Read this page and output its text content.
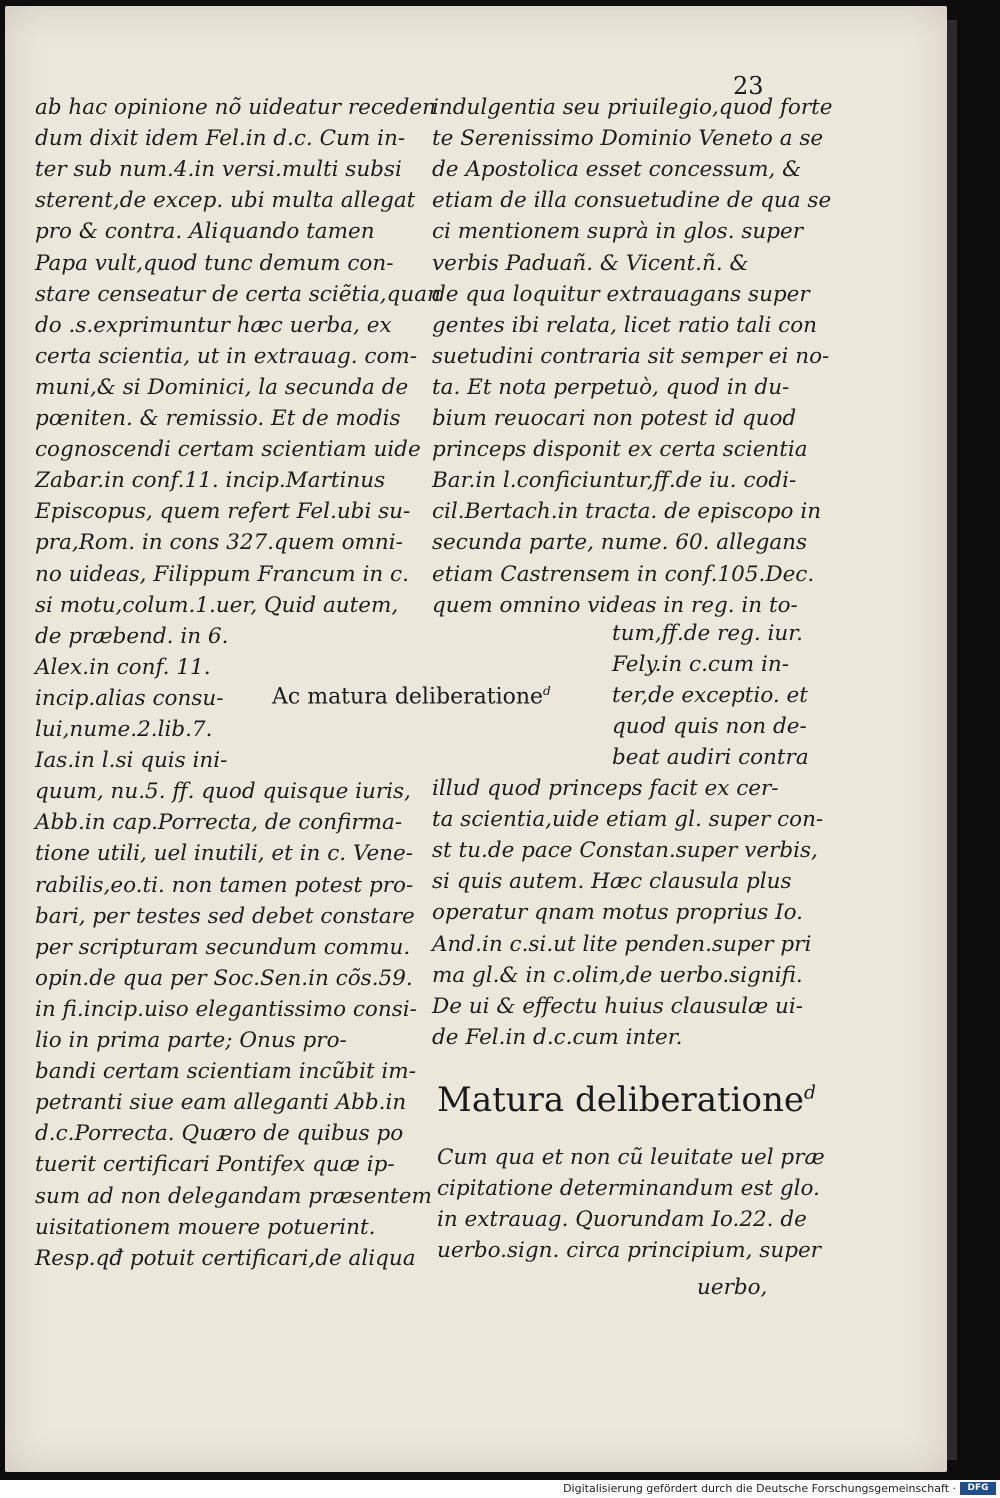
23
ab hac opinione nõ uideatur receden
dum dixit idem Fel.in d.c. Cum in-
ter sub num.4.in versi.multi subsi
sterent,de excep. ubi multa allegat
pro & contra. Aliquando tamen
Papa vult,quod tunc demum con-
stare censeatur de certa sciẽtia,quan
do .s.exprimuntur hæc uerba, ex
certa scientia, ut in extrauag. com-
muni,& si Dominici, la secunda de
pœniten. & remissio. Et de modis
cognoscendi certam scientiam uide
Zabar.in conf.11. incip.Martinus
Episcopus, quem refert Fel.ubi su-
pra,Rom. in cons 327.quem omni-
no uideas, Filippum Francum in c.
si motu,colum.1.uer, Quid autem,
de præbend. in 6.
Alex.in conf. 11.
incip.alias consu-
lui,nume.2.lib.7.
Ias.in l.si quis ini-
quum, nu.5. ff. quod quisque iuris,
Abb.in cap.Porrecta, de confirma-
tione utili, uel inutili, et in c. Vene-
rabilis,eo.ti. non tamen potest pro-
bari, per testes sed debet constare
per scripturam secundum commu.
opin.de qua per Soc.Sen.in cõs.59.
in fi.incip.uiso elegantissimo consi-
lio in prima parte; Onus pro-
bandi certam scientiam incũbit im-
petranti siue eam alleganti Abb.in
d.c.Porrecta. Quæro de quibus po
tuerit certificari Pontifex quæ ip-
sum ad non delegandam præsentem
uisitationem mouere potuerint.
Resp.qđ potuit certificari,de aliqua
indulgentia seu priuilegio,quod forte
te Serenissimo Dominio Veneto a se
de Apostolica esset concessum, &
etiam de illa consuetudine de qua se
ci mentionem suprà in glos. super
verbis Paduañ. & Vicent.ñ. &
de qua loquitur extrauagans super
gentes ibi relata, licet ratio tali con
suetudini contraria sit semper ei no-
ta. Et nota perpetuò, quod in du-
bium reuocari non potest id quod
princeps disponit ex certa scientia
Bar.in l.conficiuntur,ff.de iu. codi-
cil.Bertach.in tracta. de episcopo in
secunda parte, nume. 60. allegans
etiam Castrensem in conf.105.Dec.
quem omnino videas in reg. in to-
tum,ff.de reg. iur.
Fely.in c.cum in-
ter,de exceptio. et
quod quis non de-
beat audiri contra
illud quod princeps facit ex cer-
ta scientia,uide etiam gl. super con-
st tu.de pace Constan.super verbis,
si quis autem. Hæc clausula plus
operatur qnam motus proprius Io.
And.in c.si.ut lite penden.super pri
ma gl.& in c.olim,de uerbo.signifi.
De ui & effectu huius clausulæ ui-
de Fel.in d.c.cum inter.
Ac matura deliberatione$^d$
Matura deliberatione$^d$
Cum qua et non cũ leuitate uel præ
cipitatione determinandum est glo.
in extrauag. Quorundam Io.22. de
uerbo.sign. circa principium, super
uerbo,
Digitalisierung gefördert durch die Deutsche Forschungsgemeinschaft ·	DFG
